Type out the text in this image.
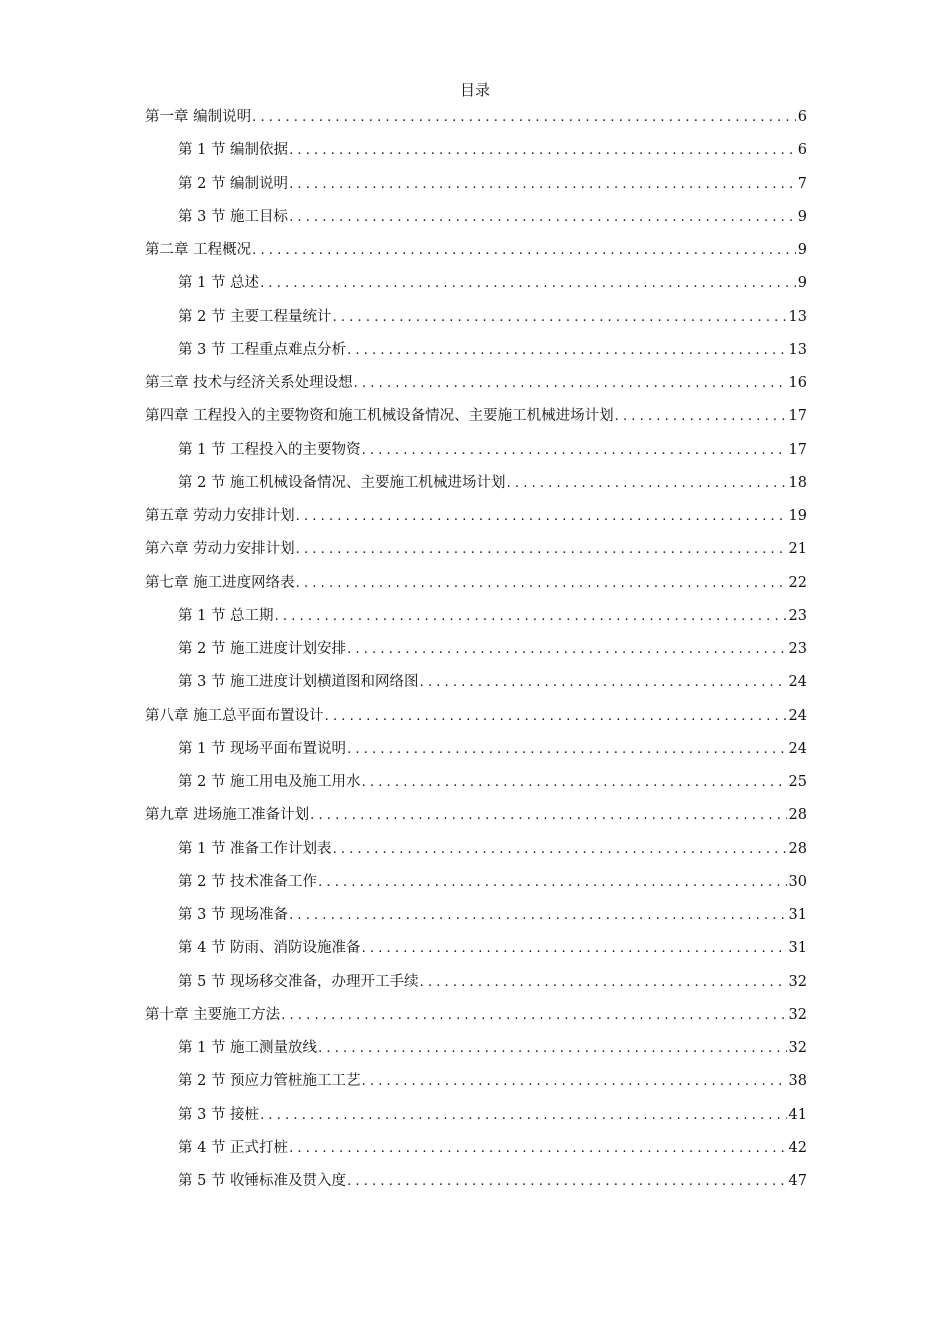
目录
第一章 编制说明 .....	6
第 1 节 编制依据 .....	6
第 2 节 编制说明 .....	7
第 3 节 施工目标 .....	9
第二章 工程概况 .....	9
第 1 节 总述 .....	9
第 2 节 主要工程量统计 .....	13
第 3 节 工程重点难点分析 .....	13
第三章 技术与经济关系处理设想 .....	16
第四章 工程投入的主要物资和施工机械设备情况、主要施工机械进场计划 .....	17
第 1 节 工程投入的主要物资 .....	17
第 2 节 施工机械设备情况、主要施工机械进场计划 .....	18
第五章 劳动力安排计划 .....	19
第六章 劳动力安排计划 .....	21
第七章 施工进度网络表 .....	22
第 1 节 总工期 .....	23
第 2 节 施工进度计划安排 .....	23
第 3 节 施工进度计划横道图和网络图 .....	24
第八章 施工总平面布置设计 .....	24
第 1 节 现场平面布置说明 .....	24
第 2 节 施工用电及施工用水 .....	25
第九章 进场施工准备计划 .....	28
第 1 节 准备工作计划表 .....	28
第 2 节 技术准备工作 .....	30
第 3 节 现场准备 .....	31
第 4 节 防雨、消防设施准备 .....	31
第 5 节 现场移交准备，办理开工手续 .....	32
第十章 主要施工方法 .....	32
第 1 节 施工测量放线 .....	32
第 2 节 预应力管桩施工工艺 .....	38
第 3 节 接桩 .....	41
第 4 节 正式打桩 .....	42
第 5 节 收锤标准及贯入度 .....	47
